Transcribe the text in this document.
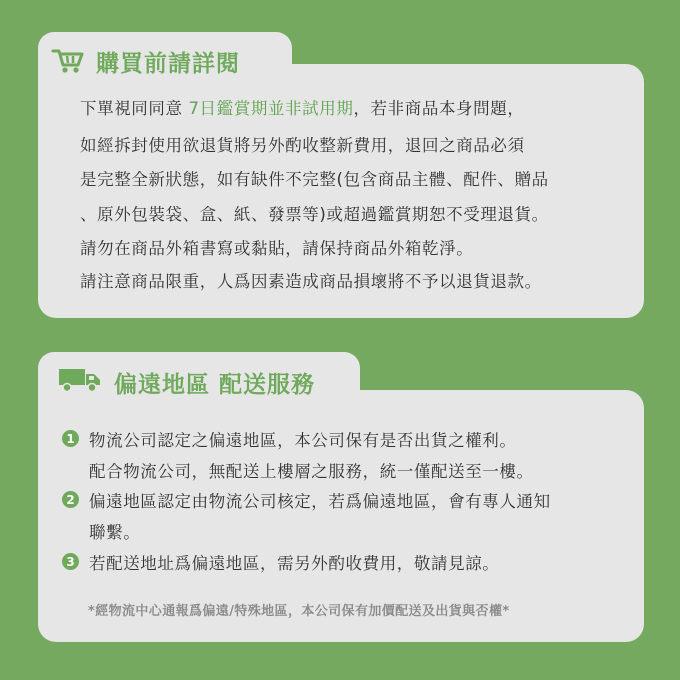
購買前請詳閱
下單視同同意 7日鑑賞期並非試用期，若非商品本身問題，
如經拆封使用欲退貨將另外酌收整新費用，退回之商品必須
是完整全新狀態，如有缺件不完整(包含商品主體、配件、贈品
、原外包裝袋、盒、紙、發票等)或超過鑑賞期恕不受理退貨。
請勿在商品外箱書寫或黏貼，請保持商品外箱乾淨。
請注意商品限重，人爲因素造成商品損壞將不予以退貨退款。
偏遠地區 配送服務
1 物流公司認定之偏遠地區，本公司保有是否出貨之權利。
配合物流公司，無配送上樓層之服務，統一僅配送至一樓。
2 偏遠地區認定由物流公司核定，若爲偏遠地區，會有專人通知
聯繫。
3 若配送地址爲偏遠地區，需另外酌收費用，敬請見諒。
*經物流中心通報爲偏遠/特殊地區，本公司保有加價配送及出貨與否權*
